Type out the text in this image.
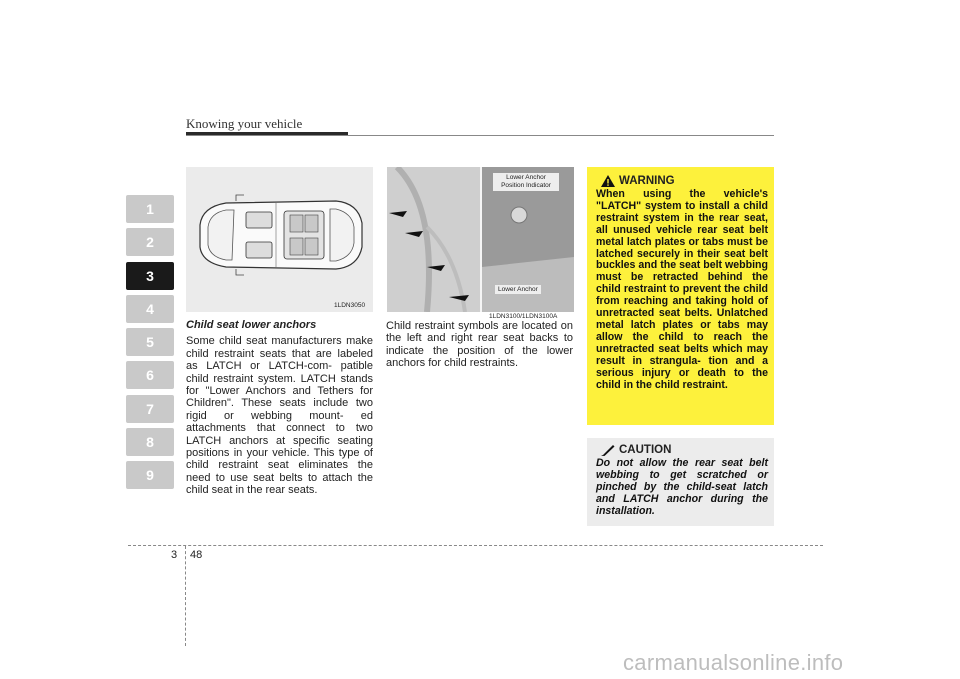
Knowing your vehicle
1
2
3
4
5
6
7
8
9
1LDN3050
Child seat lower anchors
Some child seat manufacturers make child restraint seats that are labeled as LATCH or LATCH-com- patible child restraint system. LATCH stands for "Lower Anchors and Tethers for Children". These seats include two rigid or webbing mount- ed attachments that connect to two LATCH anchors at specific seating positions in your vehicle. This type of child restraint seat eliminates the need to use seat belts to attach the child seat in the rear seats.
Lower Anchor
Position Indicator
Lower Anchor
1LDN3100/1LDN3100A
Child restraint symbols are located on the left and right rear seat backs to indicate the position of the lower anchors for child restraints.
WARNING
When using the vehicle's "LATCH" system to install a child restraint system in the rear seat, all unused vehicle rear seat belt metal latch plates or tabs must be latched securely in their seat belt buckles and the seat belt webbing must be retracted behind the child restraint to prevent the child from reaching and taking hold of unretracted seat belts. Unlatched metal latch plates or tabs may allow the child to reach the unretracted seat belts which may result in strangula- tion and a serious injury or death to the child in the child restraint.
CAUTION
Do not allow the rear seat belt webbing to get scratched or pinched by the child-seat latch and LATCH anchor during the installation.
3 48
carmanualsonline.info
